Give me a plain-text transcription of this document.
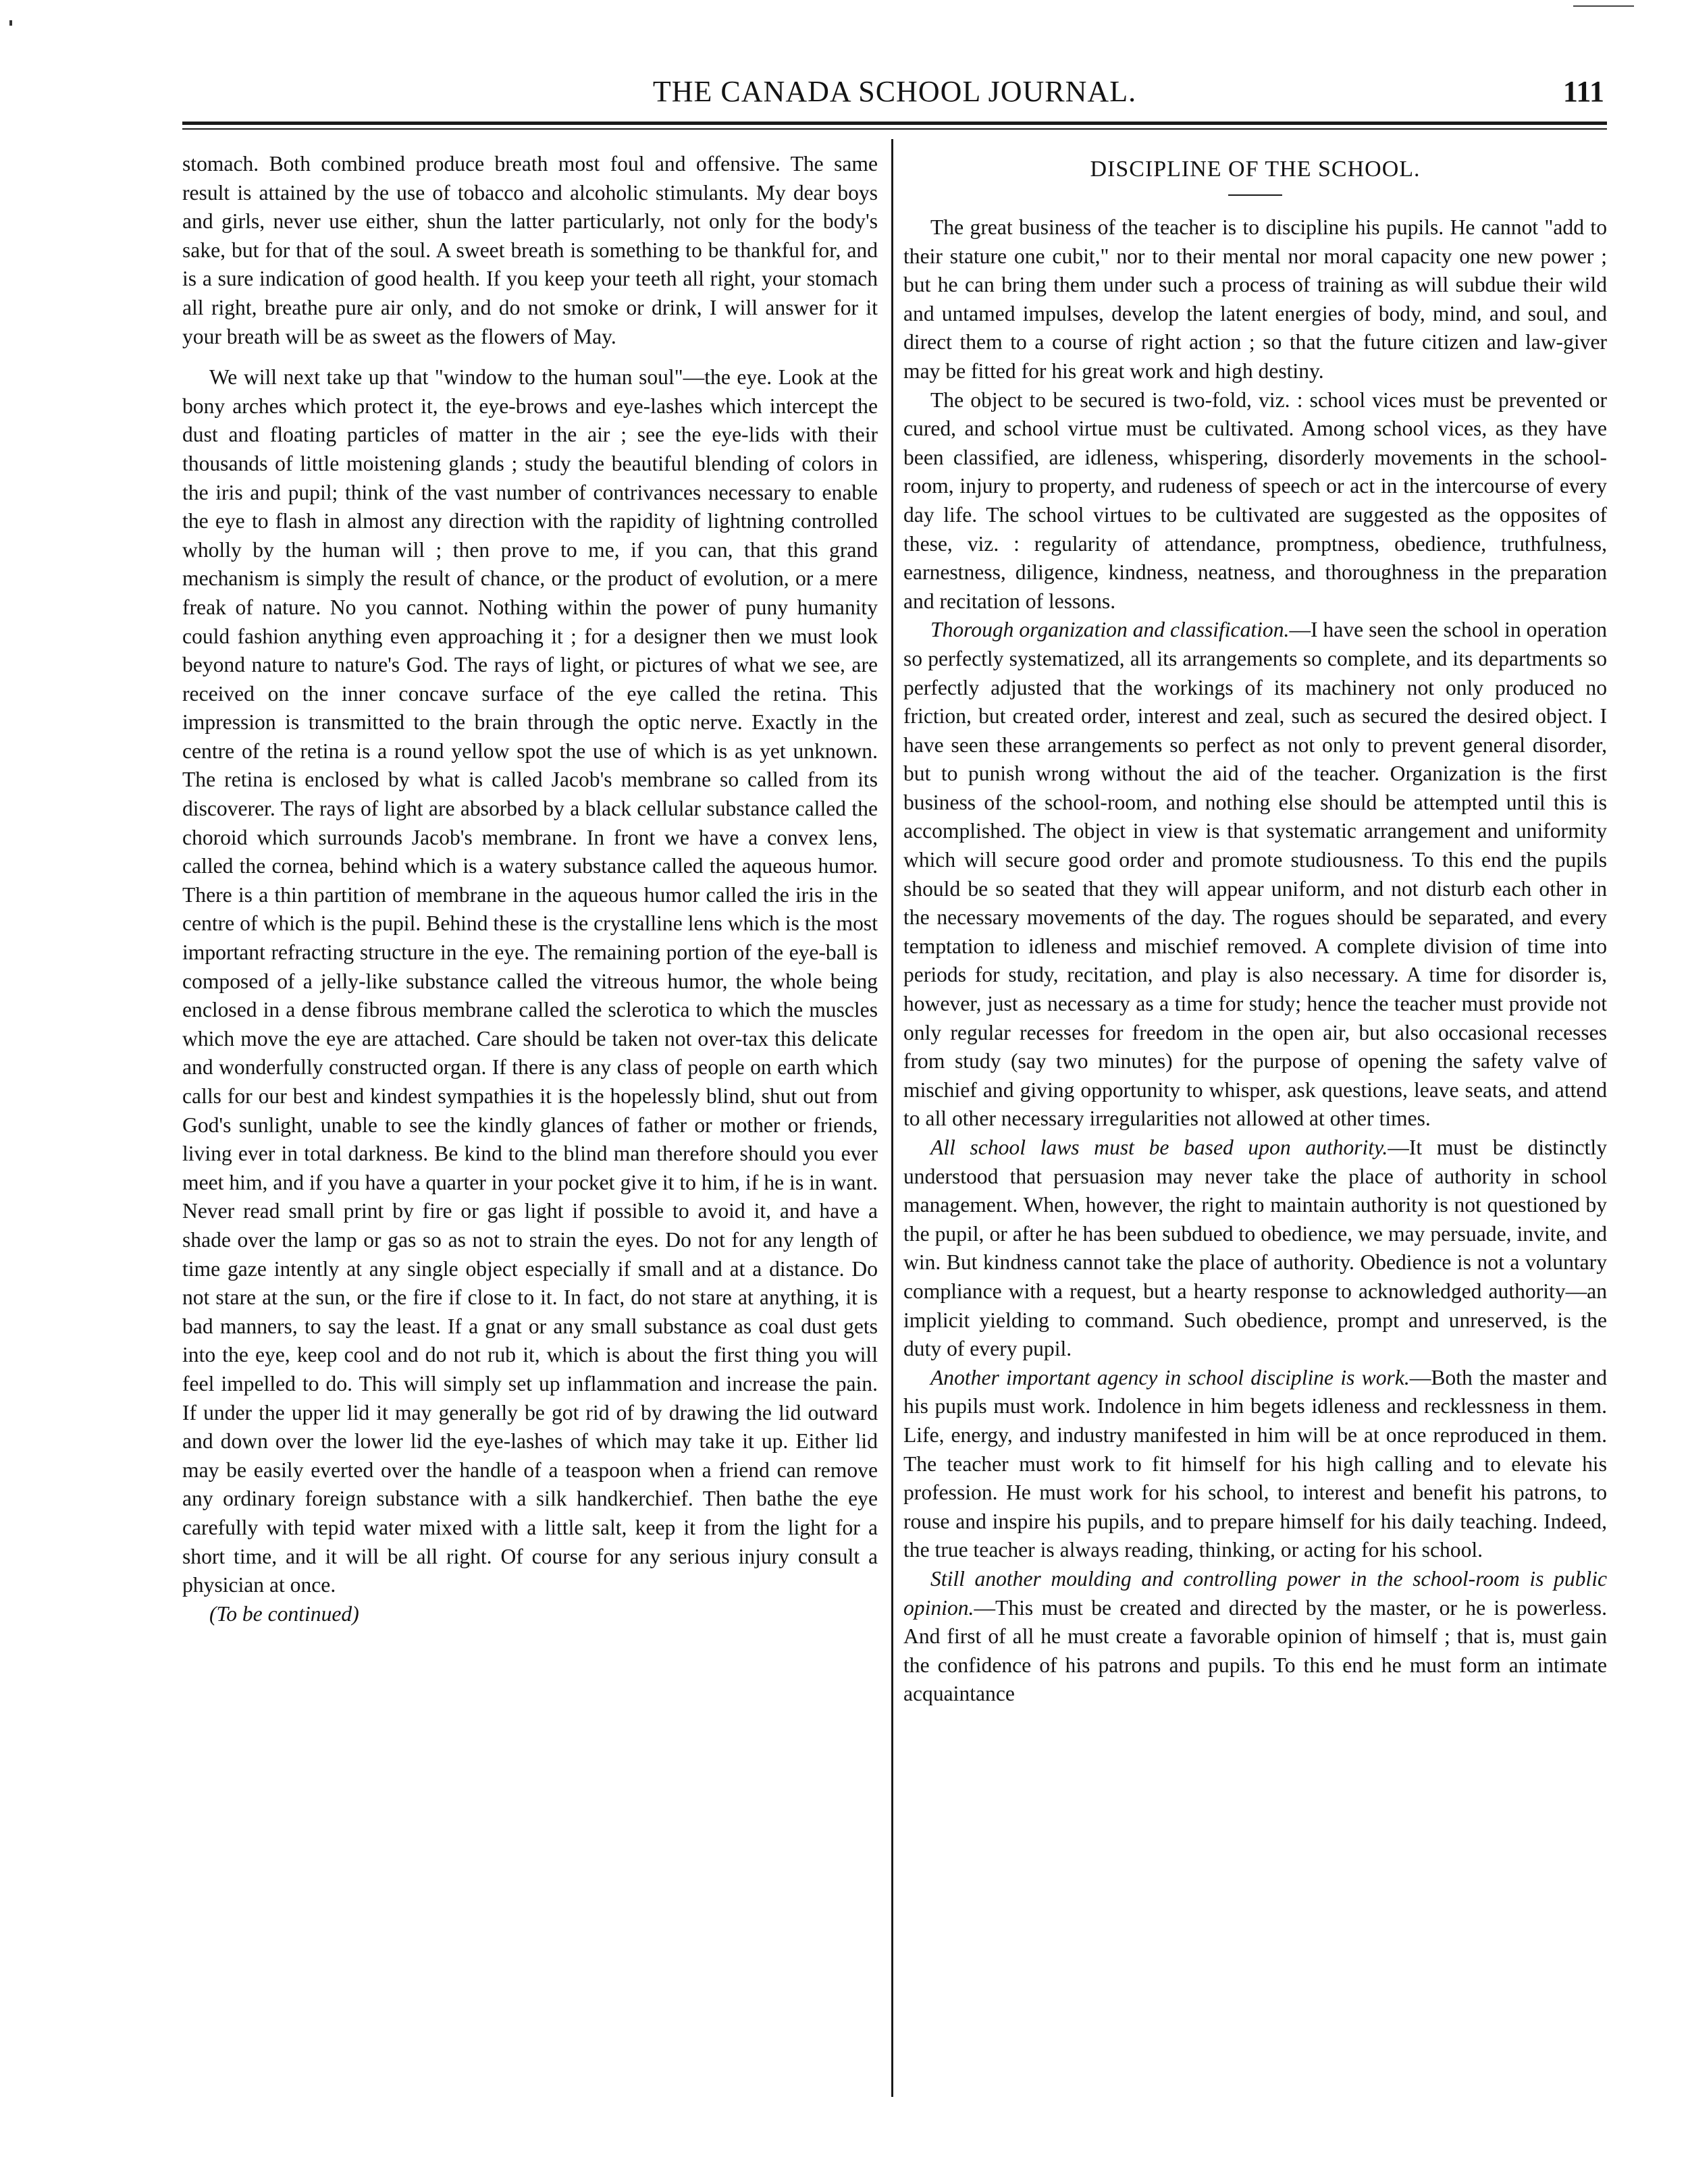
THE CANADA SCHOOL JOURNAL.	111

stomach. Both combined produce breath most foul and offensive. The same result is attained by the use of tobacco and alcoholic stimulants. My dear boys and girls, never use either, shun the latter particularly, not only for the body's sake, but for that of the soul. A sweet breath is something to be thankful for, and is a sure indication of good health. If you keep your teeth all right, your stomach all right, breathe pure air only, and do not smoke or drink, I will answer for it your breath will be as sweet as the flowers of May.

We will next take up that "window to the human soul"—the eye. Look at the bony arches which protect it, the eye-brows and eye-lashes which intercept the dust and floating particles of matter in the air ; see the eye-lids with their thousands of little moistening glands ; study the beautiful blending of colors in the iris and pupil; think of the vast number of contrivances necessary to enable the eye to flash in almost any direction with the rapidity of lightning controlled wholly by the human will ; then prove to me, if you can, that this grand mechanism is simply the result of chance, or the product of evolution, or a mere freak of nature. No you cannot. Nothing within the power of puny humanity could fashion anything even approaching it ; for a designer then we must look beyond nature to nature's God. The rays of light, or pictures of what we see, are received on the inner concave surface of the eye called the retina. This impression is transmitted to the brain through the optic nerve. Exactly in the centre of the retina is a round yellow spot the use of which is as yet unknown. The retina is enclosed by what is called Jacob's membrane so called from its discoverer. The rays of light are absorbed by a black cellular substance called the choroid which surrounds Jacob's membrane. In front we have a convex lens, called the cornea, behind which is a watery substance called the aqueous humor. There is a thin partition of membrane in the aqueous humor called the iris in the centre of which is the pupil. Behind these is the crystalline lens which is the most important refracting structure in the eye. The remaining portion of the eye-ball is composed of a jelly-like substance called the vitreous humor, the whole being enclosed in a dense fibrous membrane called the sclerotica to which the muscles which move the eye are attached. Care should be taken not over-tax this delicate and wonderfully constructed organ. If there is any class of people on earth which calls for our best and kindest sympathies it is the hopelessly blind, shut out from God's sunlight, unable to see the kindly glances of father or mother or friends, living ever in total darkness. Be kind to the blind man therefore should you ever meet him, and if you have a quarter in your pocket give it to him, if he is in want. Never read small print by fire or gas light if possible to avoid it, and have a shade over the lamp or gas so as not to strain the eyes. Do not for any length of time gaze intently at any single object especially if small and at a distance. Do not stare at the sun, or the fire if close to it. In fact, do not stare at anything, it is bad manners, to say the least. If a gnat or any small substance as coal dust gets into the eye, keep cool and do not rub it, which is about the first thing you will feel impelled to do. This will simply set up inflammation and increase the pain. If under the upper lid it may generally be got rid of by drawing the lid outward and down over the lower lid the eye-lashes of which may take it up. Either lid may be easily everted over the handle of a teaspoon when a friend can remove any ordinary foreign substance with a silk handkerchief. Then bathe the eye carefully with tepid water mixed with a little salt, keep it from the light for a short time, and it will be all right. Of course for any serious injury consult a physician at once.

(To be continued)

DISCIPLINE OF THE SCHOOL.

The great business of the teacher is to discipline his pupils. He cannot "add to their stature one cubit," nor to their mental nor moral capacity one new power ; but he can bring them under such a process of training as will subdue their wild and untamed impulses, develop the latent energies of body, mind, and soul, and direct them to a course of right action ; so that the future citizen and law-giver may be fitted for his great work and high destiny.

The object to be secured is two-fold, viz. : school vices must be prevented or cured, and school virtue must be cultivated. Among school vices, as they have been classified, are idleness, whispering, disorderly movements in the school-room, injury to property, and rudeness of speech or act in the intercourse of every day life. The school virtues to be cultivated are suggested as the opposites of these, viz. : regularity of attendance, promptness, obedience, truthfulness, earnestness, diligence, kindness, neatness, and thoroughness in the preparation and recitation of lessons.

Thorough organization and classification.—I have seen the school in operation so perfectly systematized, all its arrangements so complete, and its departments so perfectly adjusted that the workings of its machinery not only produced no friction, but created order, interest and zeal, such as secured the desired object. I have seen these arrangements so perfect as not only to prevent general disorder, but to punish wrong without the aid of the teacher. Organization is the first business of the school-room, and nothing else should be attempted until this is accomplished. The object in view is that systematic arrangement and uniformity which will secure good order and promote studiousness. To this end the pupils should be so seated that they will appear uniform, and not disturb each other in the necessary movements of the day. The rogues should be separated, and every temptation to idleness and mischief removed. A complete division of time into periods for study, recitation, and play is also necessary. A time for disorder is, however, just as necessary as a time for study; hence the teacher must provide not only regular recesses for freedom in the open air, but also occasional recesses from study (say two minutes) for the purpose of opening the safety valve of mischief and giving opportunity to whisper, ask questions, leave seats, and attend to all other necessary irregularities not allowed at other times.

All school laws must be based upon authority.—It must be distinctly understood that persuasion may never take the place of authority in school management. When, however, the right to maintain authority is not questioned by the pupil, or after he has been subdued to obedience, we may persuade, invite, and win. But kindness cannot take the place of authority. Obedience is not a voluntary compliance with a request, but a hearty response to acknowledged authority—an implicit yielding to command. Such obedience, prompt and unreserved, is the duty of every pupil.

Another important agency in school discipline is work.—Both the master and his pupils must work. Indolence in him begets idleness and recklessness in them. Life, energy, and industry manifested in him will be at once reproduced in them. The teacher must work to fit himself for his high calling and to elevate his profession. He must work for his school, to interest and benefit his patrons, to rouse and inspire his pupils, and to prepare himself for his daily teaching. Indeed, the true teacher is always reading, thinking, or acting for his school.

Still another moulding and controlling power in the school-room is public opinion.—This must be created and directed by the master, or he is powerless. And first of all he must create a favorable opinion of himself ; that is, must gain the confidence of his patrons and pupils. To this end he must form an intimate acquaintance
